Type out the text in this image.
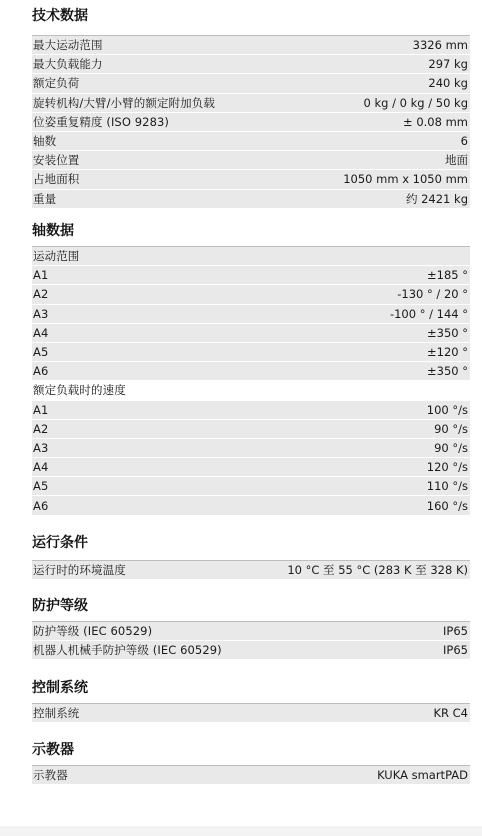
技术数据
最大运动范围	3326 mm
最大负载能力	297 kg
额定负荷	240 kg
旋转机构/大臂/小臂的额定附加负载	0 kg / 0 kg / 50 kg
位姿重复精度 (ISO 9283)	± 0.08 mm
轴数	6
安装位置	地面
占地面积	1050 mm x 1050 mm
重量	约 2421 kg
轴数据
运动范围
A1	±185 °
A2	-130 ° / 20 °
A3	-100 ° / 144 °
A4	±350 °
A5	±120 °
A6	±350 °
额定负载时的速度
A1	100 °/s
A2	90 °/s
A3	90 °/s
A4	120 °/s
A5	110 °/s
A6	160 °/s
运行条件
运行时的环境温度	10 °C 至 55 °C (283 K 至 328 K)
防护等级
防护等级 (IEC 60529)	IP65
机器人机械手防护等级 (IEC 60529)	IP65
控制系统
控制系统	KR C4
示教器
示教器	KUKA smartPAD
